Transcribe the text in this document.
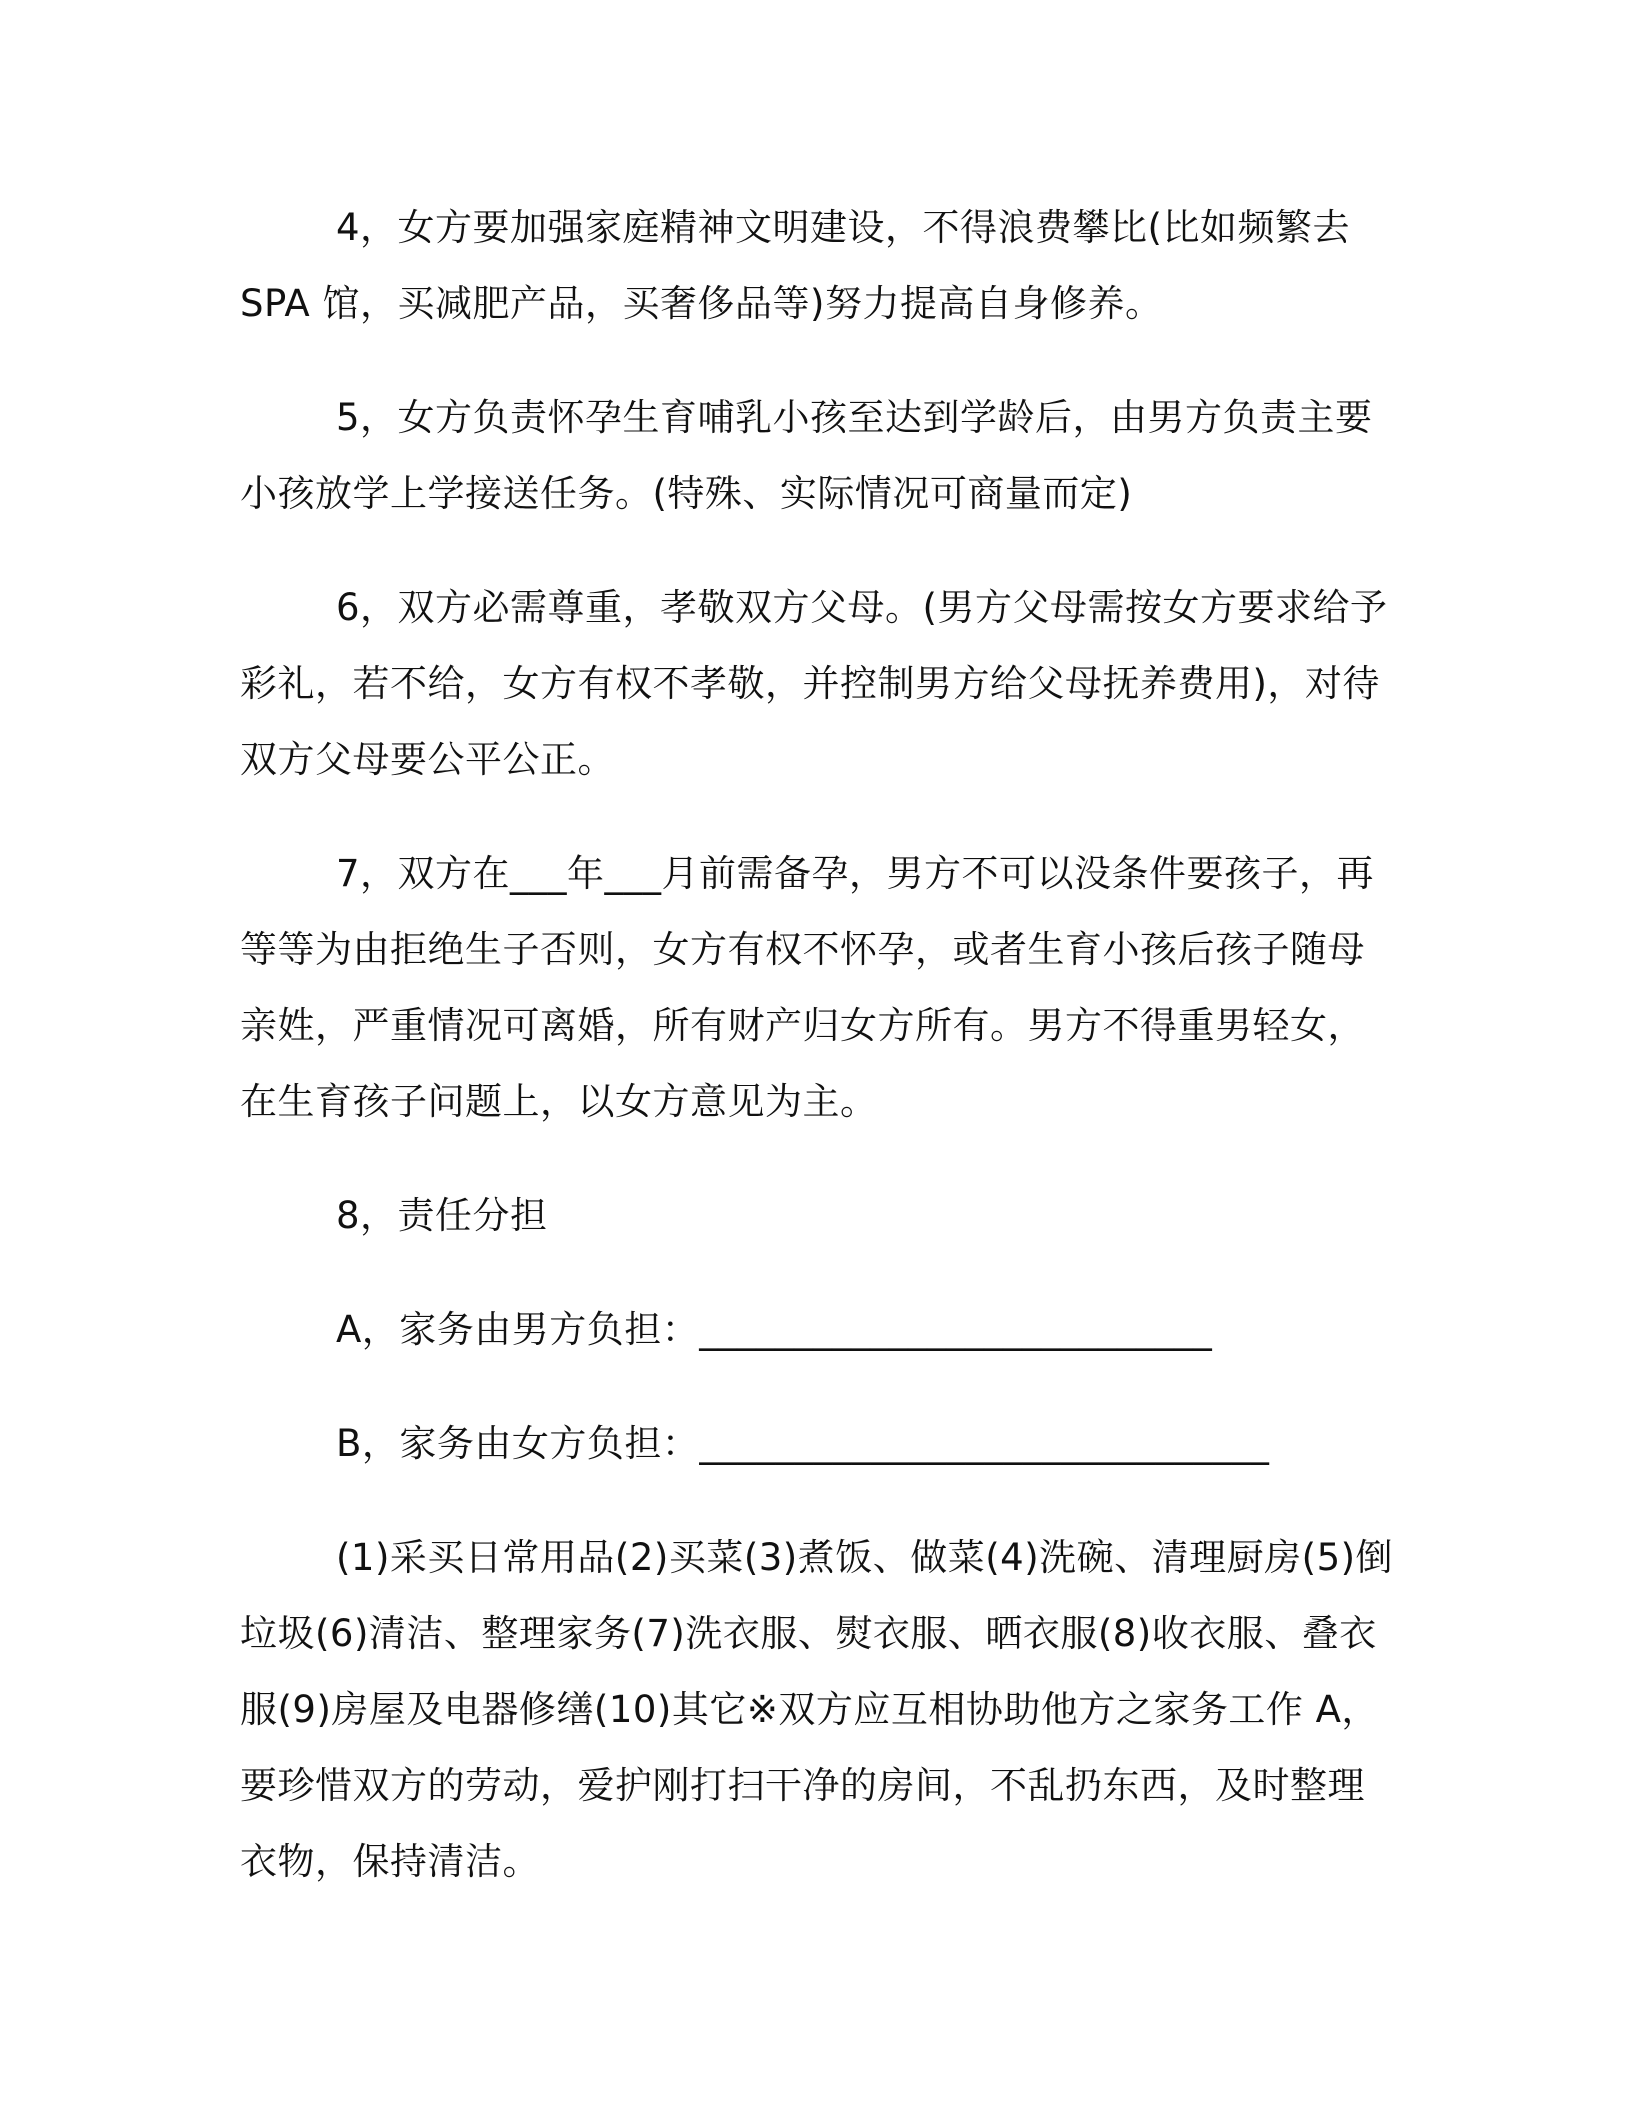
4，女方要加强家庭精神文明建设，不得浪费攀比(比如频繁去SPA 馆，买减肥产品，买奢侈品等)努力提高自身修养。

5，女方负责怀孕生育哺乳小孩至达到学龄后，由男方负责主要小孩放学上学接送任务。(特殊、实际情况可商量而定)

6，双方必需尊重，孝敬双方父母。(男方父母需按女方要求给予彩礼，若不给，女方有权不孝敬，并控制男方给父母抚养费用)，对待双方父母要公平公正。

7，双方在___年___月前需备孕，男方不可以没条件要孩子，再等等为由拒绝生子否则，女方有权不怀孕，或者生育小孩后孩子随母亲姓，严重情况可离婚，所有财产归女方所有。男方不得重男轻女，在生育孩子问题上，以女方意见为主。

8，责任分担

A，家务由男方负担：___________________________

B，家务由女方负担：______________________________

(1)采买日常用品(2)买菜(3)煮饭、做菜(4)洗碗、清理厨房(5)倒垃圾(6)清洁、整理家务(7)洗衣服、熨衣服、晒衣服(8)收衣服、叠衣服(9)房屋及电器修缮(10)其它※双方应互相协助他方之家务工作 A，要珍惜双方的劳动，爱护刚打扫干净的房间，不乱扔东西，及时整理衣物，保持清洁。
